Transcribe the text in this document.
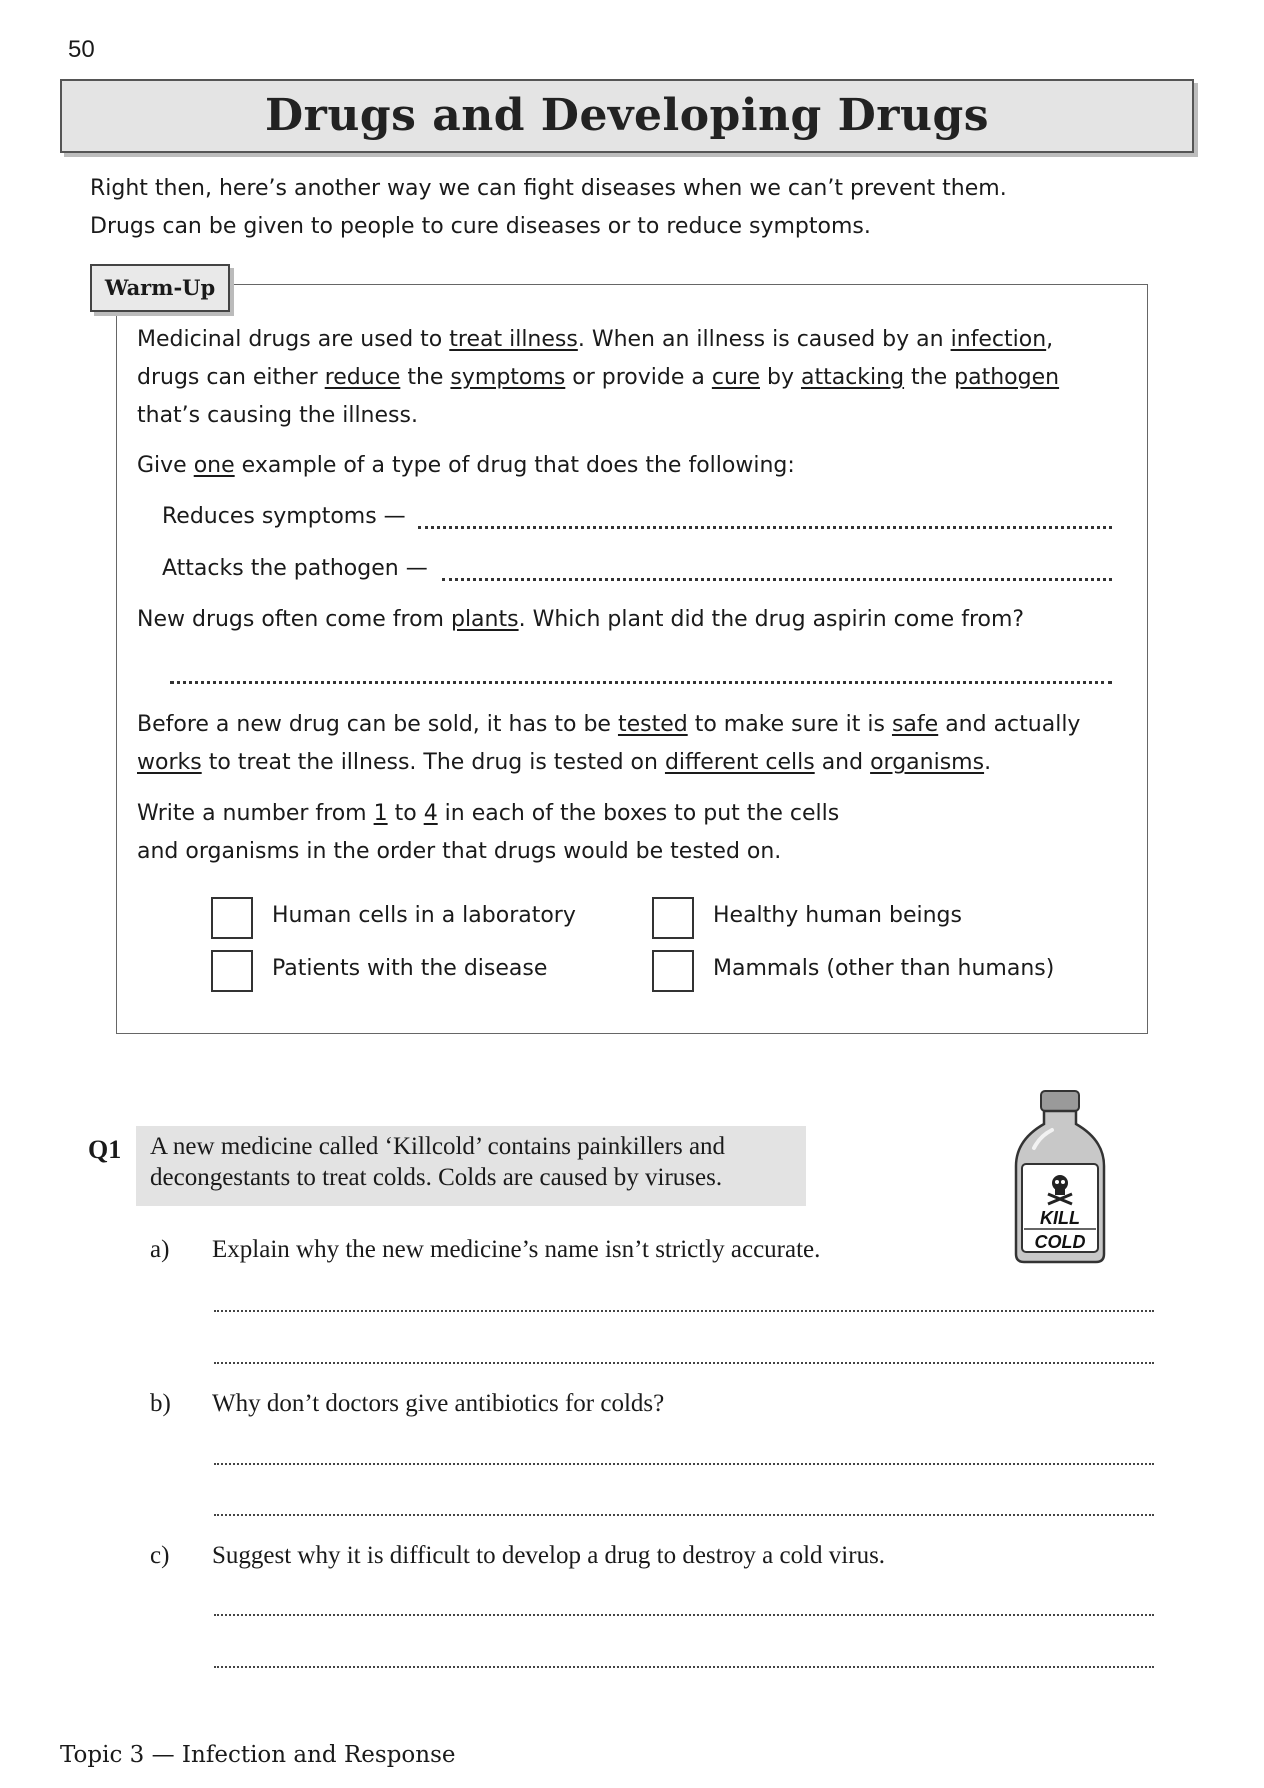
50
Drugs and Developing Drugs
Right then, here’s another way we can fight diseases when we can’t prevent them.
Drugs can be given to people to cure diseases or to reduce symptoms.
Warm-Up
Medicinal drugs are used to treat illness. When an illness is caused by an infection,
drugs can either reduce the symptoms or provide a cure by attacking the pathogen
that’s causing the illness.
Give one example of a type of drug that does the following:
Reduces symptoms —
Attacks the pathogen —
New drugs often come from plants. Which plant did the drug aspirin come from?
Before a new drug can be sold, it has to be tested to make sure it is safe and actually
works to treat the illness. The drug is tested on different cells and organisms.
Write a number from 1 to 4 in each of the boxes to put the cells
and organisms in the order that drugs would be tested on.
Human cells in a laboratory	Healthy human beings
Patients with the disease	Mammals (other than humans)
Q1 A new medicine called ‘Killcold’ contains painkillers and
decongestants to treat colds. Colds are caused by viruses.
KILL
COLD
a) Explain why the new medicine’s name isn’t strictly accurate.
b) Why don’t doctors give antibiotics for colds?
c) Suggest why it is difficult to develop a drug to destroy a cold virus.
Topic 3 — Infection and Response
